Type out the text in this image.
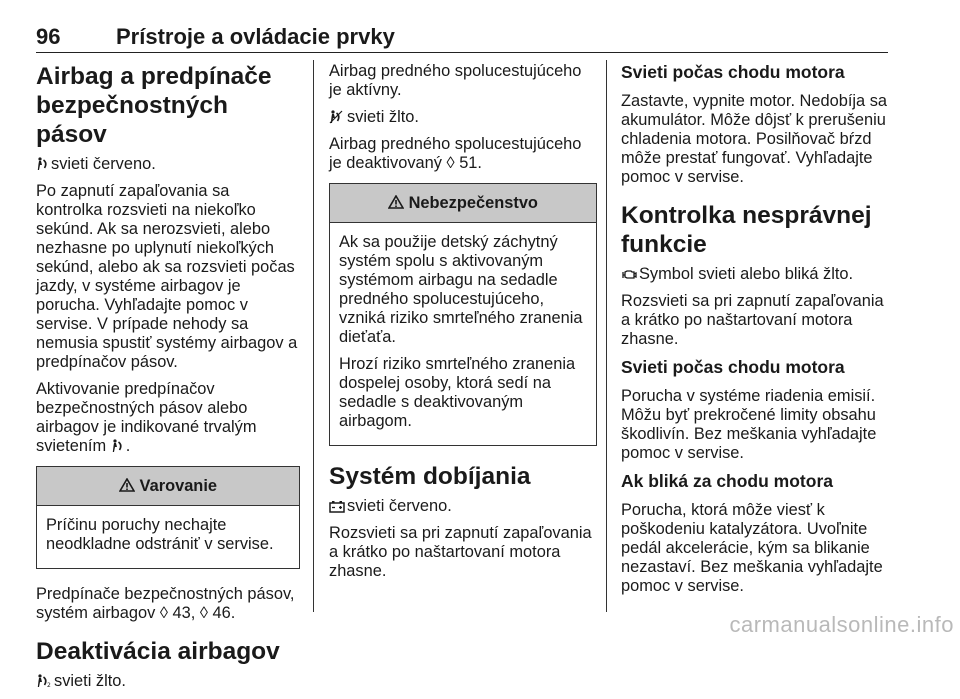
96	Prístroje a ovládacie prvky
Airbag a predpínače bezpečnostných pásov

svieti červeno.

Po zapnutí zapaľovania sa kontrolka rozsvieti na niekoľko sekúnd. Ak sa nerozsvieti, alebo nezhasne po uplynutí niekoľkých sekúnd, alebo ak sa rozsvieti počas jazdy, v systéme airbagov je porucha. Vyhľadajte pomoc v servise. V prípade nehody sa nemusia spustiť systémy airbagov a predpínačov pásov.

Aktivovanie predpínačov bezpečnostných pásov alebo airbagov je indikované trvalým svietením .

Varovanie

Príčinu poruchy nechajte neodkladne odstrániť v servise.

Predpínače bezpečnostných pásov, systém airbagov ◊ 43, ◊ 46.

Deaktivácia airbagov

2 svieti žlto.

Airbag predného spolucestujúceho je aktívny.

svieti žlto.

Airbag predného spolucestujúceho je deaktivovaný ◊ 51.

Nebezpečenstvo

Ak sa použije detský záchytný systém spolu s aktivovaným systémom airbagu na sedadle predného spolucestujúceho, vzniká riziko smrteľného zranenia dieťaťa.

Hrozí riziko smrteľného zranenia dospelej osoby, ktorá sedí na sedadle s deaktivovaným airbagom.

Systém dobíjania

svieti červeno.

Rozsvieti sa pri zapnutí zapaľovania a krátko po naštartovaní motora zhasne.

Svieti počas chodu motora

Zastavte, vypnite motor. Nedobíja sa akumulátor. Môže dôjsť k prerušeniu chladenia motora. Posilňovač bŕzd môže prestať fungovať. Vyhľadajte pomoc v servise.

Kontrolka nesprávnej funkcie

Symbol svieti alebo bliká žlto.

Rozsvieti sa pri zapnutí zapaľovania a krátko po naštartovaní motora zhasne.

Svieti počas chodu motora

Porucha v systéme riadenia emisií. Môžu byť prekročené limity obsahu škodlivín. Bez meškania vyhľadajte pomoc v servise.

Ak bliká za chodu motora

Porucha, ktorá môže viesť k poškodeniu katalyzátora. Uvoľnite pedál akcelerácie, kým sa blikanie nezastaví. Bez meškania vyhľadajte pomoc v servise.

carmanualsonline.info
